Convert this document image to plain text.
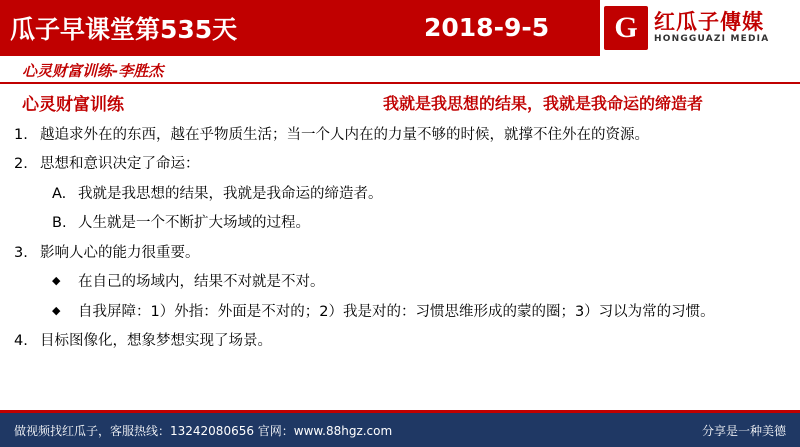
瓜子早课堂第535天	2018-9-5	G 红瓜子傳媒
HONGGUAZI MEDIA
心灵财富训练-李胜杰
心灵财富训练	我就是我思想的结果，我就是我命运的缔造者
1. 越追求外在的东西，越在乎物质生活；当一个人内在的力量不够的时候，就撑不住外在的资源。
2. 思想和意识决定了命运：
A. 我就是我思想的结果，我就是我命运的缔造者。
B. 人生就是一个不断扩大场域的过程。
3. 影响人心的能力很重要。
◆	在自己的场域内，结果不对就是不对。
◆	自我屏障：1）外指：外面是不对的；2）我是对的：习惯思维形成的蒙的圈；3）习以为常的习惯。
4. 目标图像化，想象梦想实现了场景。
做视频找红瓜子，客服热线：13242080656 官网：www.88hgz.com	分享是一种美德
